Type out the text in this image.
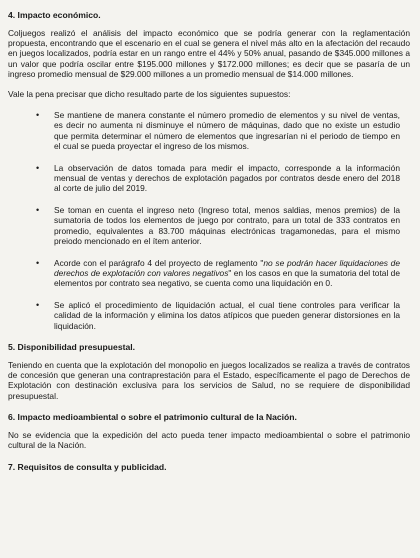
4. Impacto económico.

Coljuegos realizó el análisis del impacto económico que se podría generar con la reglamentación propuesta, encontrando que el escenario en el cual se genera el nivel más alto en la afectación del recaudo en juegos localizados, podría estar en un rango entre el 44% y 50% anual, pasando de $345.000 millones a un valor que podría oscilar entre $195.000 millones y $172.000 millones; es decir que se pasaría de un ingreso promedio mensual de $29.000 millones a un promedio mensual de $14.000 millones.

Vale la pena precisar que dicho resultado parte de los siguientes supuestos:

• Se mantiene de manera constante el número promedio de elementos y su nivel de ventas, es decir no aumenta ni disminuye el número de máquinas, dado que no existe un estudio que permita determinar el número de elementos que ingresarían ni el periodo de tiempo en el cual se pueda proyectar el ingreso de los mismos.
• La observación de datos tomada para medir el impacto, corresponde a la información mensual de ventas y derechos de explotación pagados por contratos desde enero del 2018 al corte de julio del 2019.
• Se toman en cuenta el ingreso neto (Ingreso total, menos saldias, menos premios) de la sumatoria de todos los elementos de juego por contrato, para un total de 333 contratos en promedio, equivalentes a 83.700 máquinas electrónicas tragamonedas, para el mismo preiodo mencionado en el ítem anterior.
• Acorde con el parágrafo 4 del proyecto de reglamento "no se podrán hacer liquidaciones de derechos de explotación con valores negativos" en los casos en que la sumatoria del total de elementos por contrato sea negativo, se cuenta como una liquidación en 0.
• Se aplicó el procedimiento de liquidación actual, el cual tiene controles para verificar la calidad de la información y elimina los datos atípicos que pueden generar distorsiones en la liquidación.
5. Disponibilidad presupuestal.

Teniendo en cuenta que la explotación del monopolio en juegos localizados se realiza a través de contratos de concesión que generan una contraprestación para el Estado, específicamente el pago de Derechos de Explotación con destinación exclusiva para los servicios de Salud, no se requiere de disponibilidad presupuestal.

6. Impacto medioambiental o sobre el patrimonio cultural de la Nación.

No se evidencia que la expedición del acto pueda tener impacto medioambiental o sobre el patrimonio cultural de la Nación.

7. Requisitos de consulta y publicidad.
